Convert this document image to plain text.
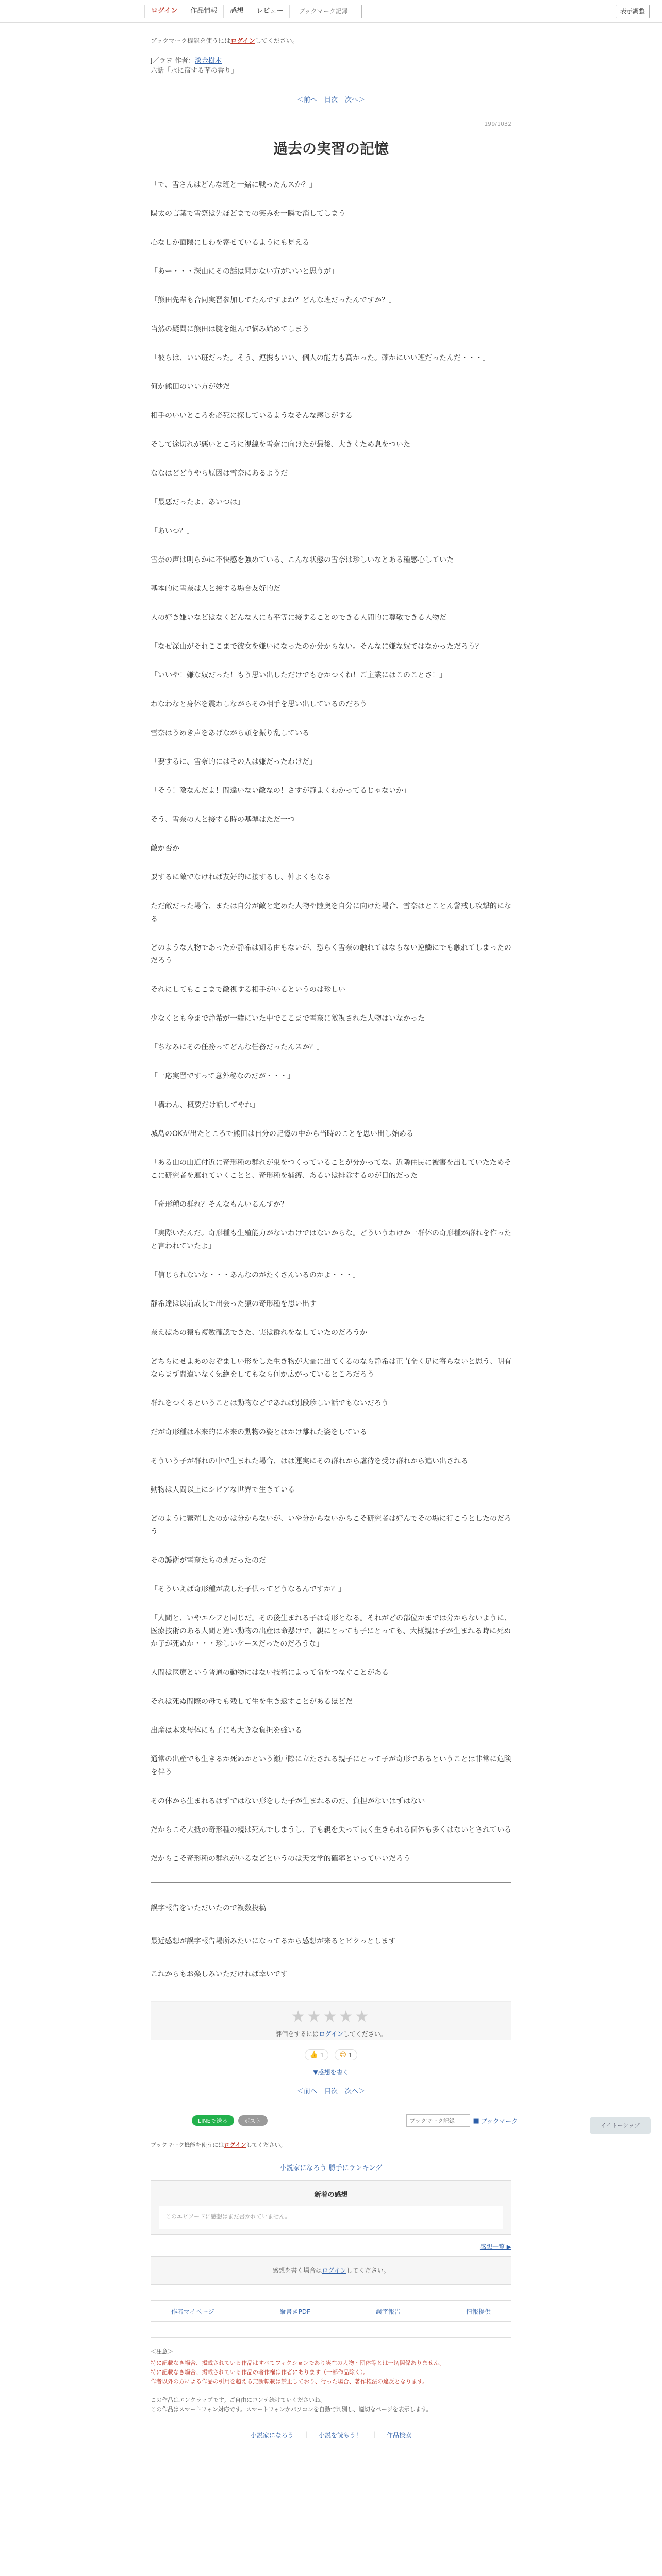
ログイン	作品情報	感想	レビュー
ブックマーク記録	表示調整
ブックマーク機能を使うにはログインしてください。
J／ラヨ 作者：淡金樹木
六話「水に宿する華の香り」
＜前へ 目次 次へ＞
199/1032
過去の実習の記憶

「で、雪さんはどんな班と一緒に戦ったんスか？」

陽太の言葉で雪祭は先ほどまでの笑みを一瞬で消してしまう

心なしか面隈にしわを寄せているようにも見える

「あー・・・深山にその話は聞かない方がいいと思うが」

「熊田先輩も合同実習参加してたんですよね？どんな班だったんですか？」

当然の疑問に熊田は腕を組んで悩み始めてしまう

「彼らは、いい班だった。そう、連携もいい、個人の能力も高かった。確かにいい班だったんだ・・・」

何か熊田のいい方が妙だ

相手のいいところを必死に探しているようなそんな感じがする

そして途切れが悪いところに視線を雪奈に向けたが最後、大きくため息をついた

ななはどどうやら原因は雪奈にあるようだ

「最悪だったよ、あいつは」

「あいつ？」

雪奈の声は明らかに不快感を強めている、こんな状態の雪奈は珍しいなとある種感心していた

基本的に雪奈は人と接する場合友好的だ

人の好き嫌いなどはなくどんな人にも平等に接することのできる人間的に尊敬できる人物だ

「なぜ深山がそれここまで彼女を嫌いになったのか分からない。そんなに嫌な奴ではなかっただろう？」

「いいや！嫌な奴だった！もう思い出しただけでもむかつくね！ご主業にはこのことさ！」

わなわなと身体を震わしながらその相手を思い出しているのだろう

雪奈はうめき声をあげながら頭を振り乱している

「要するに、雪奈的にはその人は嫌だったわけだ」

「そう！敵なんだよ！間違いない敵なの！さすが静よくわかってるじゃないか」

そう、雪奈の人と接する時の基準はただ一つ

敵か否か

要するに敵でなければ友好的に接するし、仲よくもなる

ただ敵だった場合、または自分が敵と定めた人物や陸奥を自分に向けた場合、雪奈はとことん警戒し攻撃的になる

どのような人物であったか静希は知る由もないが、恐らく雪奈の触れてはならない逆鱗にでも触れてしまったのだろう

それにしてもここまで敵視する相手がいるというのは珍しい

少なくとも今まで静希が一緒にいた中でここまで雪奈に敵視された人物はいなかった

「ちなみにその任務ってどんな任務だったんスか？」

「一応実習ですって意外秘なのだが・・・」

「構わん、概要だけ話してやれ」

城島のOKが出たところで熊田は自分の記憶の中から当時のことを思い出し始める

「ある山の山道付近に奇形種の群れが巣をつくっていることが分かってな。近隣住民に被害を出していたためそこに研究者を連れていくことと、奇形種を捕縛、あるいは排除するのが目的だった」

「奇形種の群れ？そんなもんいるんすか？」

「実際いたんだ。奇形種も生殖能力がないわけではないからな。どういうわけか一群体の奇形種が群れを作ったと言われていたよ」

「信じられないな・・・あんなのがたくさんいるのかよ・・・」

静希達は以前成長で出会った猿の奇形種を思い出す

奈えばあの猿も複数確認できた、実は群れをなしていたのだろうか

どちらにせよあのおぞましい形をした生き物が大量に出てくるのなら静希は正直全く足に寄らないと思う、明有ならまず間違いなく気絶をしてもなら何か広がっているところだろう

群れをつくるということは動物などであれば別段珍しい話でもないだろう

だが奇形種は本来的に本来の動物の姿とはかけ離れた姿をしている

そういう子が群れの中で生まれた場合、はは運実にその群れから虐待を受け群れから追い出される

動物は人間以上にシビアな世界で生きている

どのように繁殖したのかは分からないが、いや分からないからこそ研究者は好んでその場に行こうとしたのだろう

その護衛が雪奈たちの班だったのだ

「そういえば奇形種が成した子供ってどうなるんですか？」

「人間と、いやエルフと同じだ。その後生まれる子は奇形となる。それがどの部位かまでは分からないように、医療技術のある人間と違い動物の出産は命懸けで、親にとっても子にとっても、大概親は子が生まれる時に死ぬか子が死ぬか・・・珍しいケースだったのだろうな」

人間は医療という普通の動物にはない技術によって命をつなぐことがある

それは死ぬ間際の母でも残して生を生き返すことがあるほどだ

出産は本来母体にも子にも大きな負担を強いる

通常の出産でも生きるか死ぬかという瀬戸際に立たされる親子にとって子が奇形であるということは非常に危険を伴う

その体から生まれるはずではない形をした子が生まれるのだ、負担がないはずはない

だからこそ大抵の奇形種の親は死んでしまうし、子も親を失って長く生きられる個体も多くはないとされている

だからこそ奇形種の群れがいるなどというのは天文学的確率といっていいだろう

誤字報告をいただいたので複数投稿

最近感想が誤字報告場所みたいになってるから感想が来るとビクっとします

これからもお楽しみいただければ幸いです

★★★★★
評価をするにはログインしてください。
👍 1 😊 1
▼感想を書く
＜前へ 目次 次へ＞
LINEで送る	ポスト
ブックマーク記録	■ ブックマーク
ブックマーク機能を使うにはログインしてください。
小説家になろう 勝手にランキング
新着の感想
このエピソードに感想はまだ書かれていません。
感想一覧 ▶
感想を書く場合はログインしてください。
作者マイページ	縦書きPDF	誤字報告	情報提供
＜注意＞
特に記載なき場合、掲載されている作品はすべてフィクションであり実在の人物・団体等とは一切関係ありません。
特に記載なき場合、掲載されている作品の著作権は作者にあります（一部作品除く）。
作者以外の方による作品の引用を超える無断転載は禁止しており、行った場合、著作権法の違反となります。
この作品はエンクラップです。ご自由にコンテ続けていくださいね。
この作品はスマートフォン対応です。スマートフォンかパソコンを自動で判別し、適切なページを表示します。
小説家になろう | 小説を読もう！ | 作品検索
イイトーシップ
